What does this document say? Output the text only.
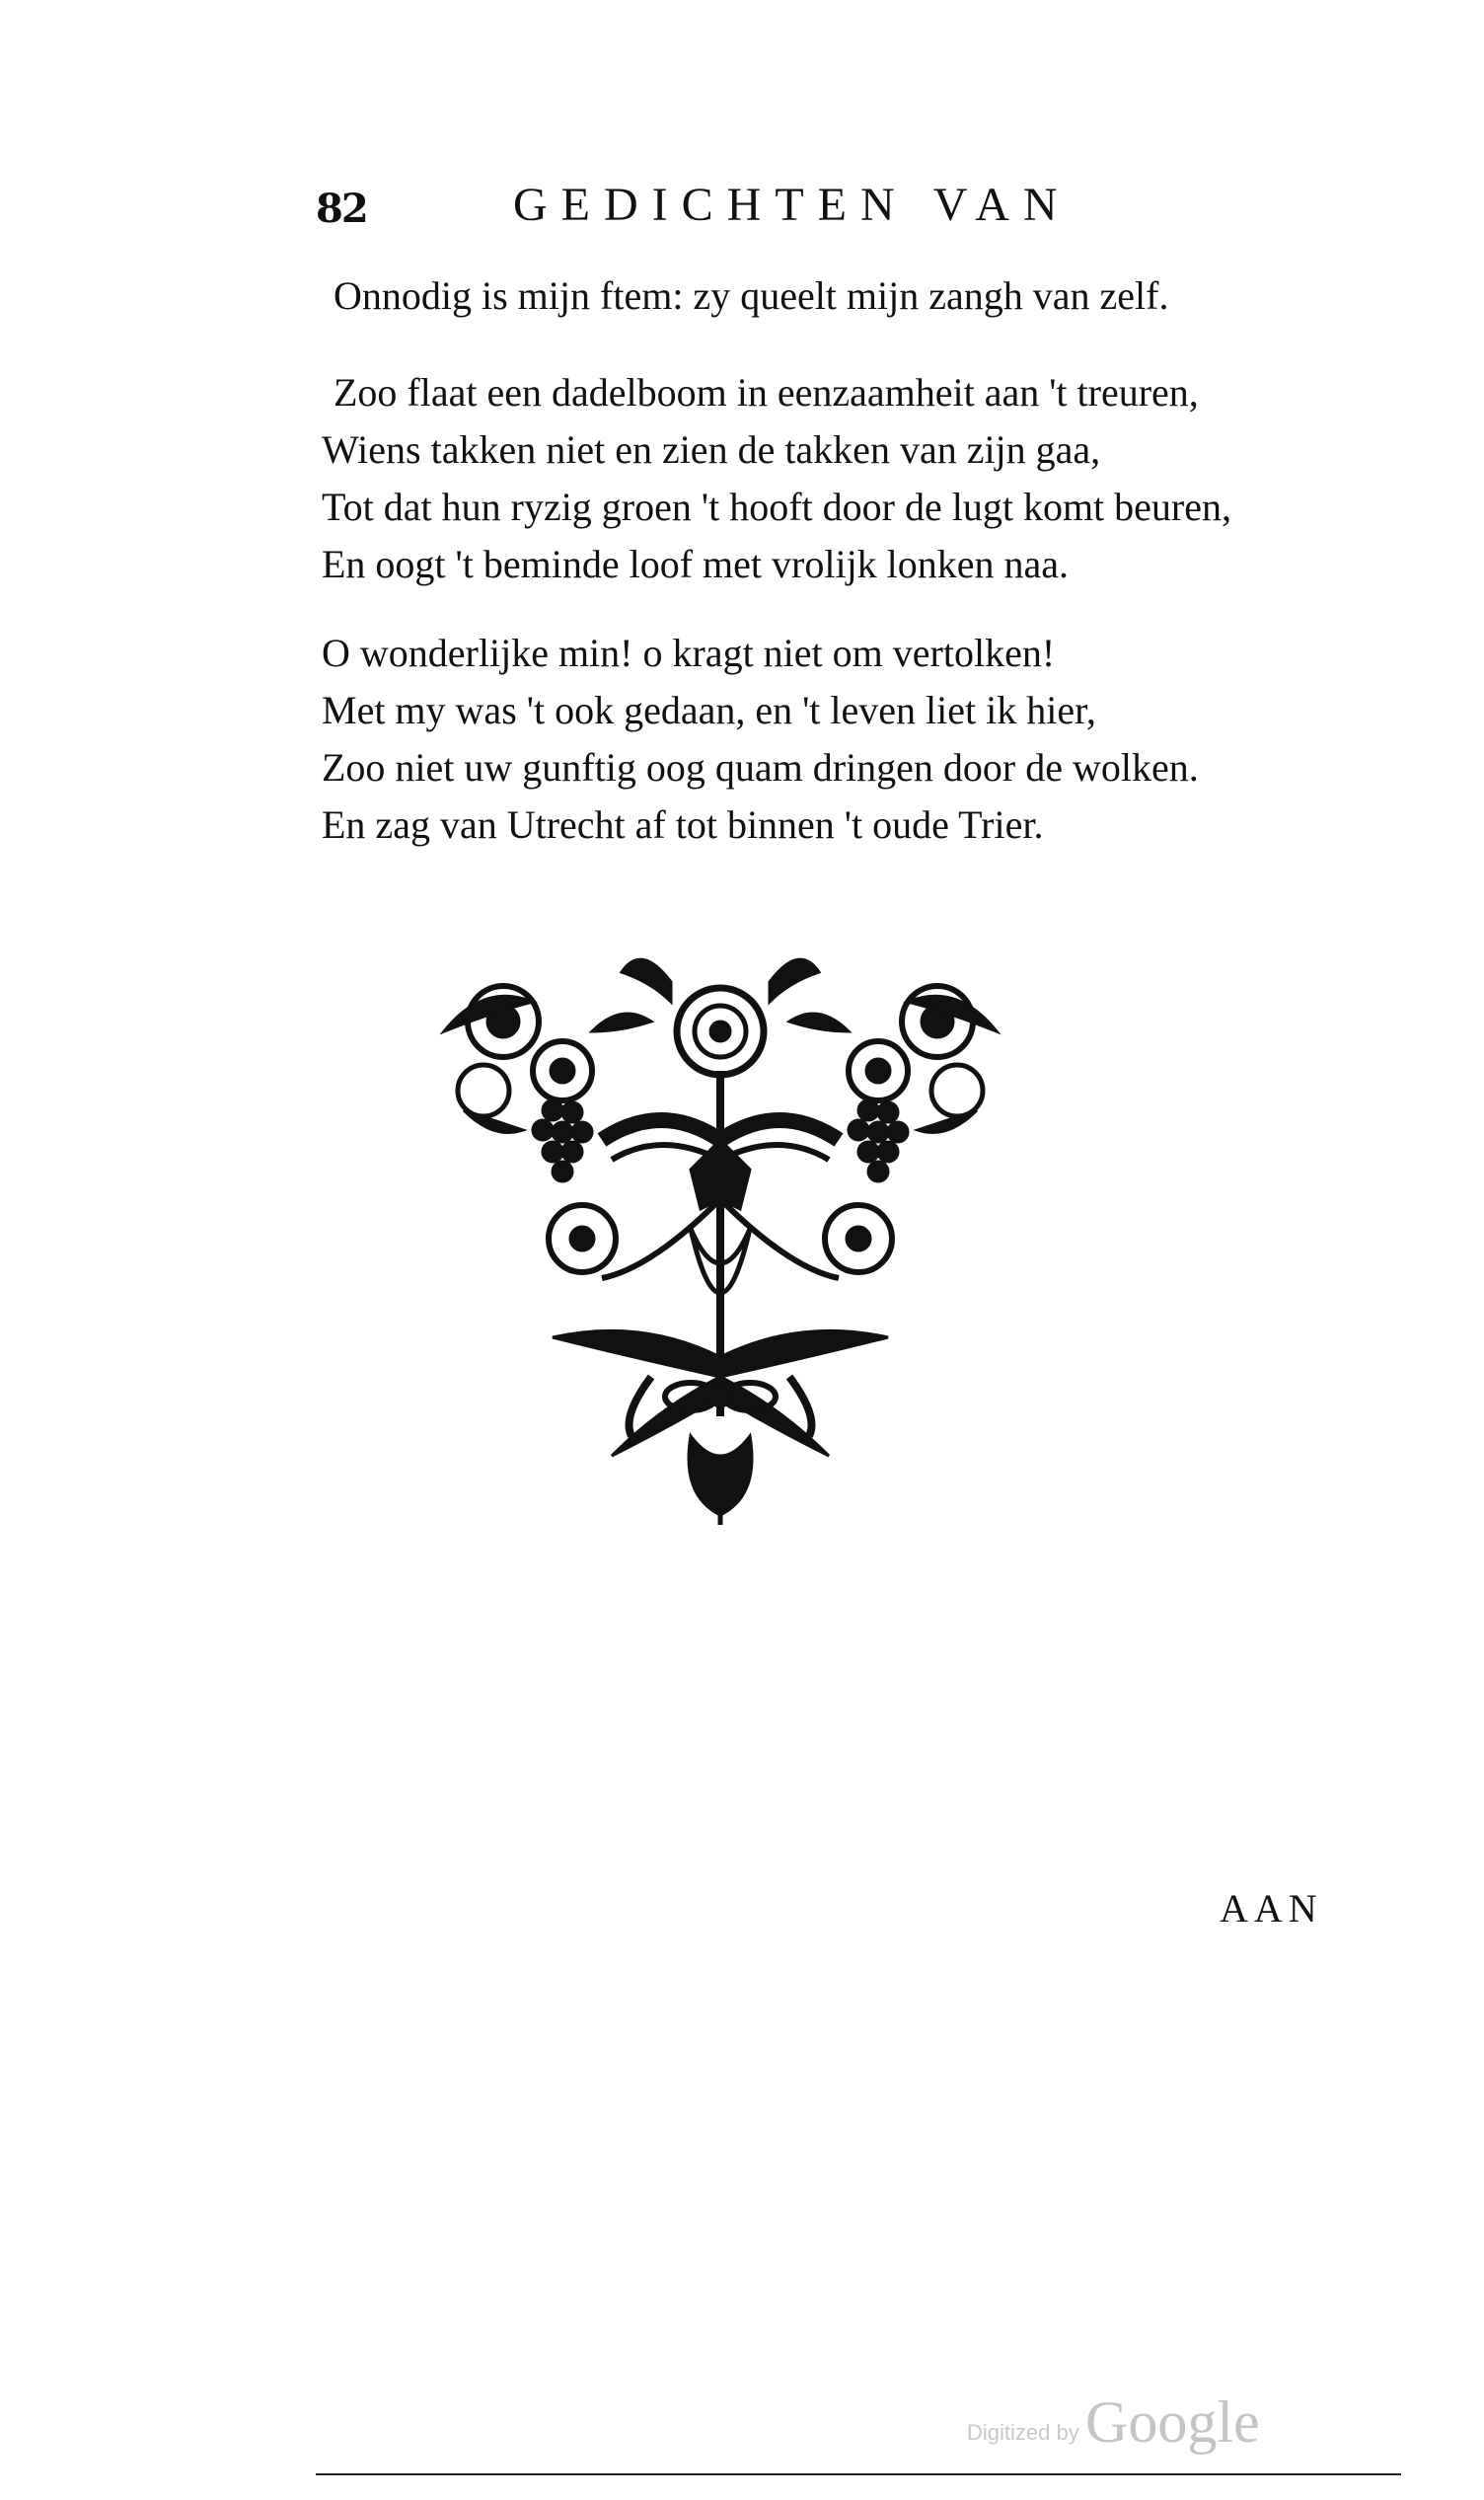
82	GEDICHTEN VAN
Onnodig is mijn ftem: zy queelt mijn zangh van zelf.
Zoo flaat een dadelboom in eenzaamheit aan 't treuren,
Wiens takken niet en zien de takken van zijn gaa,
Tot dat hun ryzig groen 't hooft door de lugt komt beuren,
En oogt 't beminde loof met vrolijk lonken naa.
O wonderlijke min! o kragt niet om vertolken!
Met my was 't ook gedaan, en 't leven liet ik hier,
Zoo niet uw gunftig oog quam dringen door de wolken.
En zag van Utrecht af tot binnen 't oude Trier.
AAN
Digitized by Google
